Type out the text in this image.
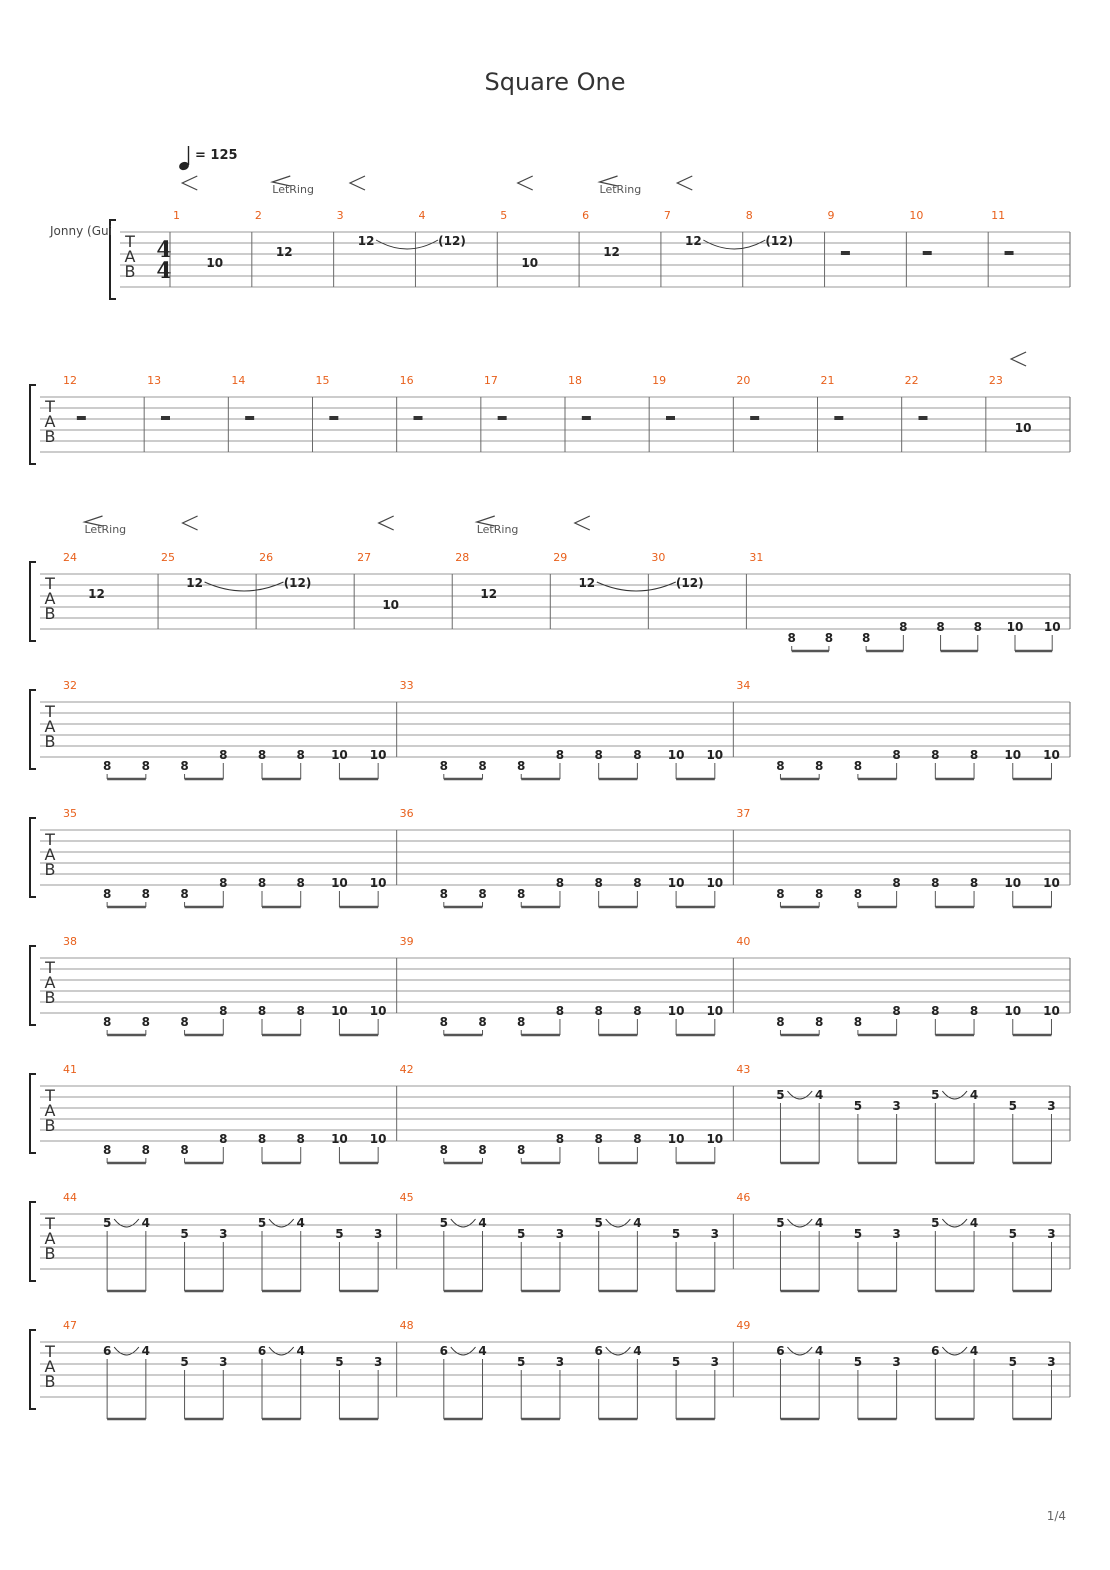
Square One
T
A
B
Jonny (Gui
4
4
= 125
1
10
2
12
LetRing
3
12
4
(12)
5
10
6
12
LetRing
7
12
8
(12)
9	10	11
T
A
B
12	13	14	15	16	17	18	19	20	21	22	23
10
T
A
B
24
12
LetRing
25
12
26
(12)
27
10
28
12
LetRing
29
12
30
(12)
31
8 8 8
8 8 8 10 10
T
A
B
32
8	8	8
8	8	8 10 10
33
8	8	8
8	8	8 10 10
34
8	8	8
8	8	8 10 10
T
A
B
35
8	8	8
8	8	8 10 10
36
8	8	8
8	8	8 10 10
37
8	8	8
8	8	8 10 10
T
A
B
38
8	8	8
8	8	8 10 10
39
8	8	8
8	8	8 10 10
40
8	8	8
8	8	8 10 10
T
A
B
41
8	8	8
8	8	8 10 10
42
8	8	8
8	8	8 10 10
43
5	4
5	3
5	4
5	3
T
A
B
44
5	4
5	3
5	4
5	3
45
5	4
5	3
5	4
5	3
46
5	4
5	3
5	4
5	3
T
A
B
47
6	4
5	3
6	4
5	3
48
6	4
5	3
6	4
5	3
49
6	4
5	3
6	4
5	3
1/4
